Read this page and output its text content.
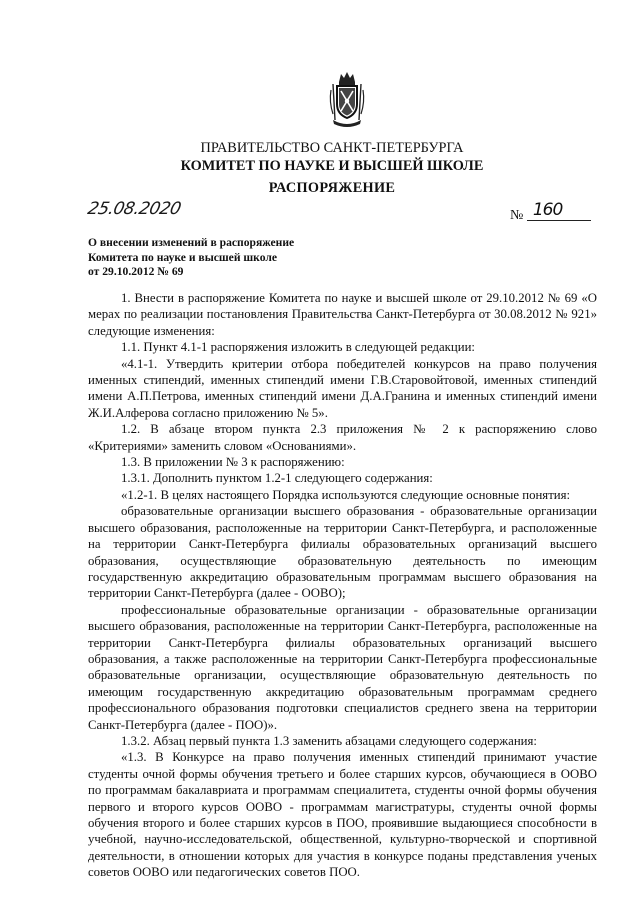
ПРАВИТЕЛЬСТВО САНКТ-ПЕТЕРБУРГА
КОМИТЕТ ПО НАУКЕ И ВЫСШЕЙ ШКОЛЕ
РАСПОРЯЖЕНИЕ
25.08.2020	№ 160
О внесении изменений в распоряжение
Комитета по науке и высшей школе
от 29.10.2012 № 69

1. Внести в распоряжение Комитета по науке и высшей школе от 29.10.2012 № 69 «О мерах по реализации постановления Правительства Санкт-Петербурга от 30.08.2012 № 921» следующие изменения:

1.1. Пункт 4.1-1 распоряжения изложить в следующей редакции:

«4.1-1. Утвердить критерии отбора победителей конкурсов на право получения именных стипендий, именных стипендий имени Г.В.Старовойтовой, именных стипендий имени А.П.Петрова, именных стипендий имени Д.А.Гранина и именных стипендий имени Ж.И.Алферова согласно приложению № 5».

1.2. В абзаце втором пункта 2.3 приложения № 2 к распоряжению слово «Критериями» заменить словом «Основаниями».

1.3. В приложении № 3 к распоряжению:

1.3.1. Дополнить пунктом 1.2-1 следующего содержания:

«1.2-1. В целях настоящего Порядка используются следующие основные понятия:

образовательные организации высшего образования - образовательные организации высшего образования, расположенные на территории Санкт-Петербурга, и расположенные на территории Санкт-Петербурга филиалы образовательных организаций высшего образования, осуществляющие образовательную деятельность по имеющим государственную аккредитацию образовательным программам высшего образования на территории Санкт-Петербурга (далее - ООВО);

профессиональные образовательные организации - образовательные организации высшего образования, расположенные на территории Санкт-Петербурга, расположенные на территории Санкт-Петербурга филиалы образовательных организаций высшего образования, а также расположенные на территории Санкт-Петербурга профессиональные образовательные организации, осуществляющие образовательную деятельность по имеющим государственную аккредитацию образовательным программам среднего профессионального образования подготовки специалистов среднего звена на территории Санкт-Петербурга (далее - ПОО)».

1.3.2. Абзац первый пункта 1.3 заменить абзацами следующего содержания:

«1.3. В Конкурсе на право получения именных стипендий принимают участие студенты очной формы обучения третьего и более старших курсов, обучающиеся в ООВО по программам бакалавриата и программам специалитета, студенты очной формы обучения первого и второго курсов ООВО - программам магистратуры, студенты очной формы обучения второго и более старших курсов в ПОО, проявившие выдающиеся способности в учебной, научно-исследовательской, общественной, культурно-творческой и спортивной деятельности, в отношении которых для участия в конкурсе поданы представления ученых советов ООВО или педагогических советов ПОО.
